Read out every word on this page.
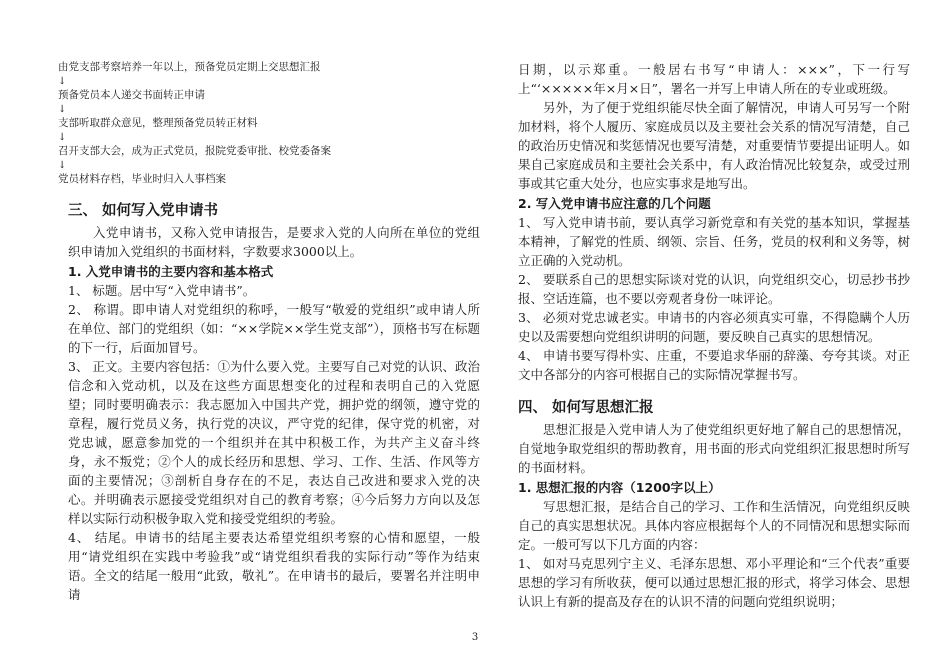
由党支部考察培养一年以上，预备党员定期上交思想汇报

↓

预备党员本人递交书面转正申请

↓

支部听取群众意见，整理预备党员转正材料

↓

召开支部大会，成为正式党员，报院党委审批、校党委备案

↓

党员材料存档，毕业时归入人事档案

三、 如何写入党申请书

入党申请书，又称入党申请报告，是要求入党的人向所在单位的党组织申请加入党组织的书面材料，字数要求3000以上。

1. 入党申请书的主要内容和基本格式

1、 标题。居中写“入党申请书”。

2、 称谓。即申请人对党组织的称呼，一般写“敬爱的党组织”或申请人所在单位、部门的党组织（如：“××学院××学生党支部”），顶格书写在标题的下一行，后面加冒号。

3、 正文。主要内容包括：①为什么要入党。主要写自己对党的认识、政治信念和入党动机，以及在这些方面思想变化的过程和表明自己的入党愿望；同时要明确表示：我志愿加入中国共产党，拥护党的纲领，遵守党的章程，履行党员义务，执行党的决议，严守党的纪律，保守党的机密，对党忠诚，愿意参加党的一个组织并在其中积极工作，为共产主义奋斗终身，永不叛党；②个人的成长经历和思想、学习、工作、生活、作风等方面的主要情况；③剖析自身存在的不足，表达自己改进和要求入党的决心。并明确表示愿接受党组织对自己的教育考察；④今后努力方向以及怎样以实际行动积极争取入党和接受党组织的考验。

4、 结尾。申请书的结尾主要表达希望党组织考察的心情和愿望，一般用“请党组织在实践中考验我”或“请党组织看我的实际行动”等作为结束语。全文的结尾一般用“此致，敬礼”。在申请书的最后，要署名并注明申请

日期，以示郑重。一般居右书写“申请人：×××”，下一行写上“‘×××××年×月×日”，署名一并写上申请人所在的专业或班级。

另外，为了便于党组织能尽快全面了解情况，申请人可另写一个附加材料，将个人履历、家庭成员以及主要社会关系的情况写清楚，自己的政治历史情况和奖惩情况也要写清楚，对重要情节要提出证明人。如果自己家庭成员和主要社会关系中，有人政治情况比较复杂，或受过刑事或其它重大处分，也应实事求是地写出。

2. 写入党申请书应注意的几个问题

1、 写入党申请书前，要认真学习新党章和有关党的基本知识，掌握基本精神，了解党的性质、纲领、宗旨、任务，党员的权利和义务等，树立正确的入党动机。

2、 要联系自己的思想实际谈对党的认识，向党组织交心，切忌抄书抄报、空话连篇，也不要以旁观者身份一味评论。

3、 必须对党忠诚老实。申请书的内容必须真实可靠，不得隐瞒个人历史以及需要想向党组织讲明的问题，要反映自己真实的思想情况。

4、 申请书要写得朴实、庄重，不要追求华丽的辞藻、夸夸其谈。对正文中各部分的内容可根据自己的实际情况掌握书写。

四、 如何写思想汇报

思想汇报是入党申请人为了使党组织更好地了解自己的思想情况，自觉地争取党组织的帮助教育，用书面的形式向党组织汇报思想时所写的书面材料。

1. 思想汇报的内容（1200字以上）

写思想汇报，是结合自己的学习、工作和生活情况，向党组织反映自己的真实思想状况。具体内容应根据每个人的不同情况和思想实际而定。一般可写以下几方面的内容：

1、 如对马克思列宁主义、毛泽东思想、邓小平理论和“三个代表”重要思想的学习有所收获，便可以通过思想汇报的形式，将学习体会、思想认识上有新的提高及存在的认识不清的问题向党组织说明；

3
